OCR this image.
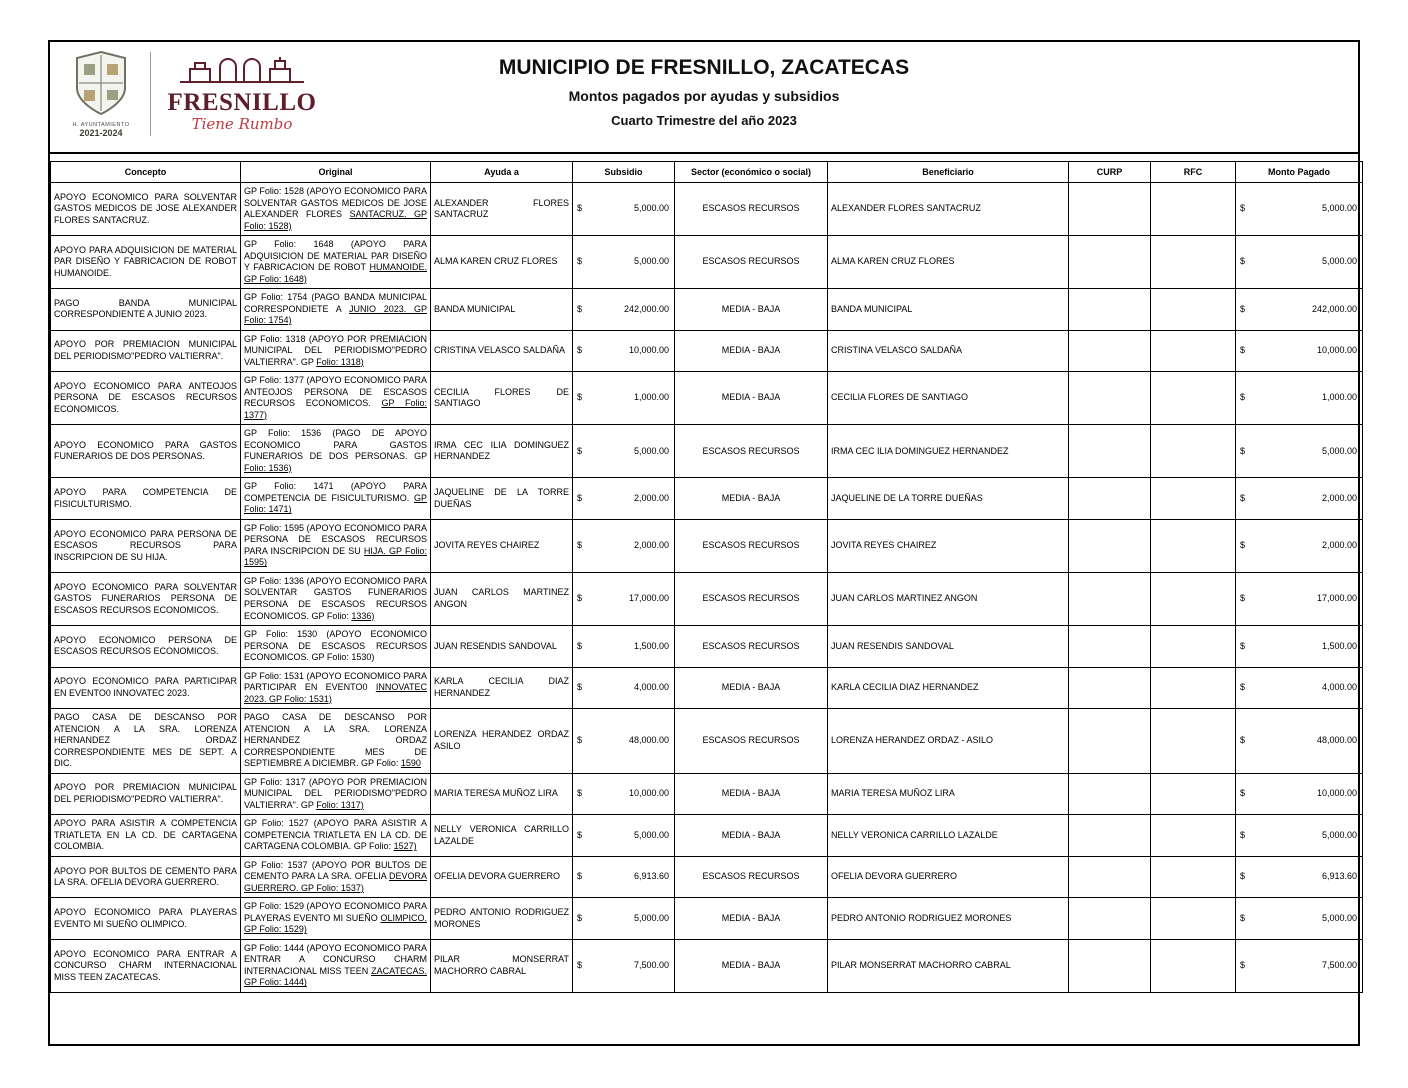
H. AYUNTAMIENTO
2021-2024
FRESNILLO
Tiene Rumbo
MUNICIPIO DE FRESNILLO, ZACATECAS
Montos pagados por ayudas y subsidios
Cuarto Trimestre del año 2023
Concepto	Original	Ayuda a	Subsidio	Sector (económico o social)	Beneficiario	CURP	RFC	Monto Pagado

APOYO ECONOMICO PARA SOLVENTAR GASTOS MEDICOS DE JOSE ALEXANDER FLORES SANTACRUZ.	GP Folio: 1528 (APOYO ECONOMICO PARA SOLVENTAR GASTOS MEDICOS DE JOSE ALEXANDER FLORES SANTACRUZ. GP Folio: 1528)	ALEXANDER FLORES SANTACRUZ	$ 5,000.00	ESCASOS RECURSOS	ALEXANDER FLORES SANTACRUZ			$ 5,000.00

APOYO PARA ADQUISICION DE MATERIAL PAR DISEÑO Y FABRICACION DE ROBOT HUMANOIDE.	GP Folio: 1648 (APOYO PARA ADQUISICION DE MATERIAL PAR DISEÑO Y FABRICACION DE ROBOT HUMANOIDE. GP Folio: 1648)	ALMA KAREN CRUZ FLORES	$ 5,000.00	ESCASOS RECURSOS	ALMA KAREN CRUZ FLORES			$ 5,000.00

PAGO BANDA MUNICIPAL CORRESPONDIENTE A JUNIO 2023.	GP Folio: 1754 (PAGO BANDA MUNICIPAL CORRESPONDIETE A JUNIO 2023. GP Folio: 1754)	BANDA MUNICIPAL	$ 242,000.00	MEDIA - BAJA	BANDA MUNICIPAL			$ 242,000.00

APOYO POR PREMIACION MUNICIPAL DEL PERIODISMO"PEDRO VALTIERRA".	GP Folio: 1318 (APOYO POR PREMIACION MUNICIPAL DEL PERIODISMO"PEDRO VALTIERRA". GP Folio: 1318)	CRISTINA VELASCO SALDAÑA	$ 10,000.00	MEDIA - BAJA	CRISTINA VELASCO SALDAÑA			$ 10,000.00

APOYO ECONOMICO PARA ANTEOJOS PERSONA DE ESCASOS RECURSOS ECONOMICOS.	GP Folio: 1377 (APOYO ECONOMICO PARA ANTEOJOS PERSONA DE ESCASOS RECURSOS ECONOMICOS. GP Folio: 1377)	CECILIA FLORES DE SANTIAGO	$ 1,000.00	MEDIA - BAJA	CECILIA FLORES DE SANTIAGO			$ 1,000.00

APOYO ECONOMICO PARA GASTOS FUNERARIOS DE DOS PERSONAS.	GP Folio: 1536 (PAGO DE APOYO ECONOMICO PARA GASTOS FUNERARIOS DE DOS PERSONAS. GP Folio: 1536)	IRMA CEC ILIA DOMINGUEZ HERNANDEZ	$ 5,000.00	ESCASOS RECURSOS	IRMA CEC ILIA DOMINGUEZ HERNANDEZ			$ 5,000.00

APOYO PARA COMPETENCIA DE FISICULTURISMO.	GP Folio: 1471 (APOYO PARA COMPETENCIA DE FISICULTURISMO. GP Folio: 1471)	JAQUELINE DE LA TORRE DUEÑAS	$ 2,000.00	MEDIA - BAJA	JAQUELINE DE LA TORRE DUEÑAS			$ 2,000.00

APOYO ECONOMICO PARA PERSONA DE ESCASOS RECURSOS PARA INSCRIPCION DE SU HIJA.	GP Folio: 1595 (APOYO ECONOMICO PARA PERSONA DE ESCASOS RECURSOS PARA INSCRIPCION DE SU HIJA. GP Folio: 1595)	JOVITA REYES CHAIREZ	$ 2,000.00	ESCASOS RECURSOS	JOVITA REYES CHAIREZ			$ 2,000.00

APOYO ECONOMICO PARA SOLVENTAR GASTOS FUNERARIOS PERSONA DE ESCASOS RECURSOS ECONOMICOS.	GP Folio: 1336 (APOYO ECONOMICO PARA SOLVENTAR GASTOS FUNERARIOS PERSONA DE ESCASOS RECURSOS ECONOMICOS. GP Folio: 1336)	JUAN CARLOS MARTINEZ ANGON	$ 17,000.00	ESCASOS RECURSOS	JUAN CARLOS MARTINEZ ANGON			$ 17,000.00

APOYO ECONOMICO PERSONA DE ESCASOS RECURSOS ECONOMICOS.	GP Folio: 1530 (APOYO ECONOMICO PERSONA DE ESCASOS RECURSOS ECONOMICOS. GP Folio: 1530)	JUAN RESENDIS SANDOVAL	$ 1,500.00	ESCASOS RECURSOS	JUAN RESENDIS SANDOVAL			$ 1,500.00

APOYO ECONOMICO PARA PARTICIPAR EN EVENTO0 INNOVATEC 2023.	GP Folio: 1531 (APOYO ECONOMICO PARA PARTICIPAR EN EVENTO0 INNOVATEC 2023. GP Folio: 1531)	KARLA CECILIA DIAZ HERNANDEZ	$ 4,000.00	MEDIA - BAJA	KARLA CECILIA DIAZ HERNANDEZ			$ 4,000.00

PAGO CASA DE DESCANSO POR ATENCION A LA SRA. LORENZA HERNANDEZ ORDAZ CORRESPONDIENTE MES DE SEPT. A DIC.	PAGO CASA DE DESCANSO POR ATENCION A LA SRA. LORENZA HERNANDEZ ORDAZ CORRESPONDIENTE MES DE SEPTIEMBRE A DICIEMBR. GP Folio: 1590	LORENZA HERANDEZ ORDAZ ASILO	$ 48,000.00	ESCASOS RECURSOS	LORENZA HERANDEZ ORDAZ - ASILO			$ 48,000.00

APOYO POR PREMIACION MUNICIPAL DEL PERIODISMO"PEDRO VALTIERRA".	GP Folio: 1317 (APOYO POR PREMIACION MUNICIPAL DEL PERIODISMO"PEDRO VALTIERRA". GP Folio: 1317)	MARIA TERESA MUÑOZ LIRA	$ 10,000.00	MEDIA - BAJA	MARIA TERESA MUÑOZ LIRA			$ 10,000.00

APOYO PARA ASISTIR A COMPETENCIA TRIATLETA EN LA CD. DE CARTAGENA COLOMBIA.	GP Folio: 1527 (APOYO PARA ASISTIR A COMPETENCIA TRIATLETA EN LA CD. DE CARTAGENA COLOMBIA. GP Folio: 1527)	NELLY VERONICA CARRILLO LAZALDE	$ 5,000.00	MEDIA - BAJA	NELLY VERONICA CARRILLO LAZALDE			$ 5,000.00

APOYO POR BULTOS DE CEMENTO PARA LA SRA. OFELIA DEVORA GUERRERO.	GP Folio: 1537 (APOYO POR BULTOS DE CEMENTO PARA LA SRA. OFELIA DEVORA GUERRERO. GP Folio: 1537)	OFELIA DEVORA GUERRERO	$ 6,913.60	ESCASOS RECURSOS	OFELIA DEVORA GUERRERO			$ 6,913.60

APOYO ECONOMICO PARA PLAYERAS EVENTO MI SUEÑO OLIMPICO.	GP Folio: 1529 (APOYO ECONOMICO PARA PLAYERAS EVENTO MI SUEÑO OLIMPICO. GP Folio: 1529)	PEDRO ANTONIO RODRIGUEZ MORONES	$ 5,000.00	MEDIA - BAJA	PEDRO ANTONIO RODRIGUEZ MORONES			$ 5,000.00

APOYO ECONOMICO PARA ENTRAR A CONCURSO CHARM INTERNACIONAL MISS TEEN ZACATECAS.	GP Folio: 1444 (APOYO ECONOMICO PARA ENTRAR A CONCURSO CHARM INTERNACIONAL MISS TEEN ZACATECAS. GP Folio: 1444)	PILAR MONSERRAT MACHORRO CABRAL	$ 7,500.00	MEDIA - BAJA	PILAR MONSERRAT MACHORRO CABRAL			$ 7,500.00
